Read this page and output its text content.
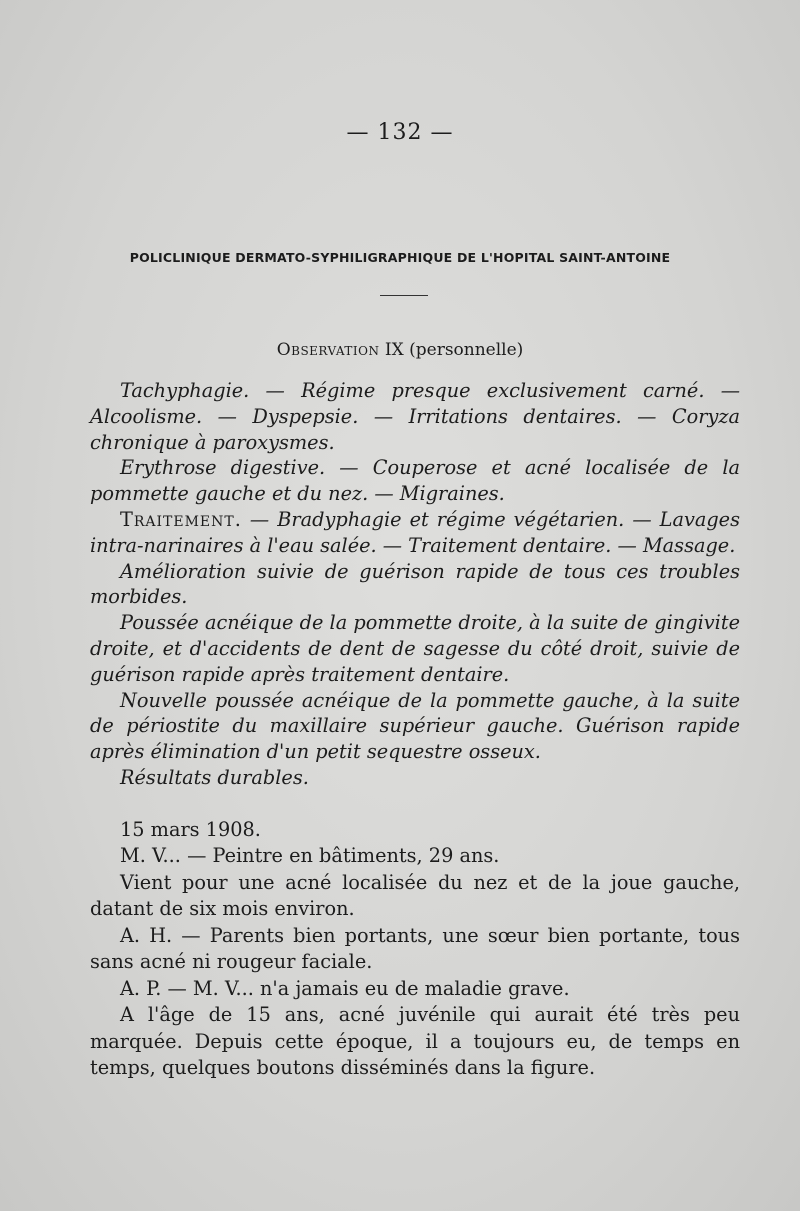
— 132 —
POLICLINIQUE DERMATO-SYPHILIGRAPHIQUE DE L'HOPITAL SAINT-ANTOINE
Observation IX (personnelle)

Tachyphagie. — Régime presque exclusivement carné. — Alcoolisme. — Dyspepsie. — Irritations dentaires. — Coryza chronique à paroxysmes.

Erythrose digestive. — Couperose et acné localisée de la pommette gauche et du nez. — Migraines.

Traitement. — Bradyphagie et régime végétarien. — Lavages intra-narinaires à l'eau salée. — Traitement dentaire. — Massage.

Amélioration suivie de guérison rapide de tous ces troubles morbides.

Poussée acnéique de la pommette droite, à la suite de gingivite droite, et d'accidents de dent de sagesse du côté droit, suivie de guérison rapide après traitement dentaire.

Nouvelle poussée acnéique de la pommette gauche, à la suite de périostite du maxillaire supérieur gauche. Guérison rapide après élimination d'un petit sequestre osseux.

Résultats durables.

15 mars 1908.

M. V... — Peintre en bâtiments, 29 ans.

Vient pour une acné localisée du nez et de la joue gauche, datant de six mois environ.

A. H. — Parents bien portants, une sœur bien portante, tous sans acné ni rougeur faciale.

A. P. — M. V... n'a jamais eu de maladie grave.

A l'âge de 15 ans, acné juvénile qui aurait été très peu marquée. Depuis cette époque, il a toujours eu, de temps en temps, quelques boutons disséminés dans la figure.
